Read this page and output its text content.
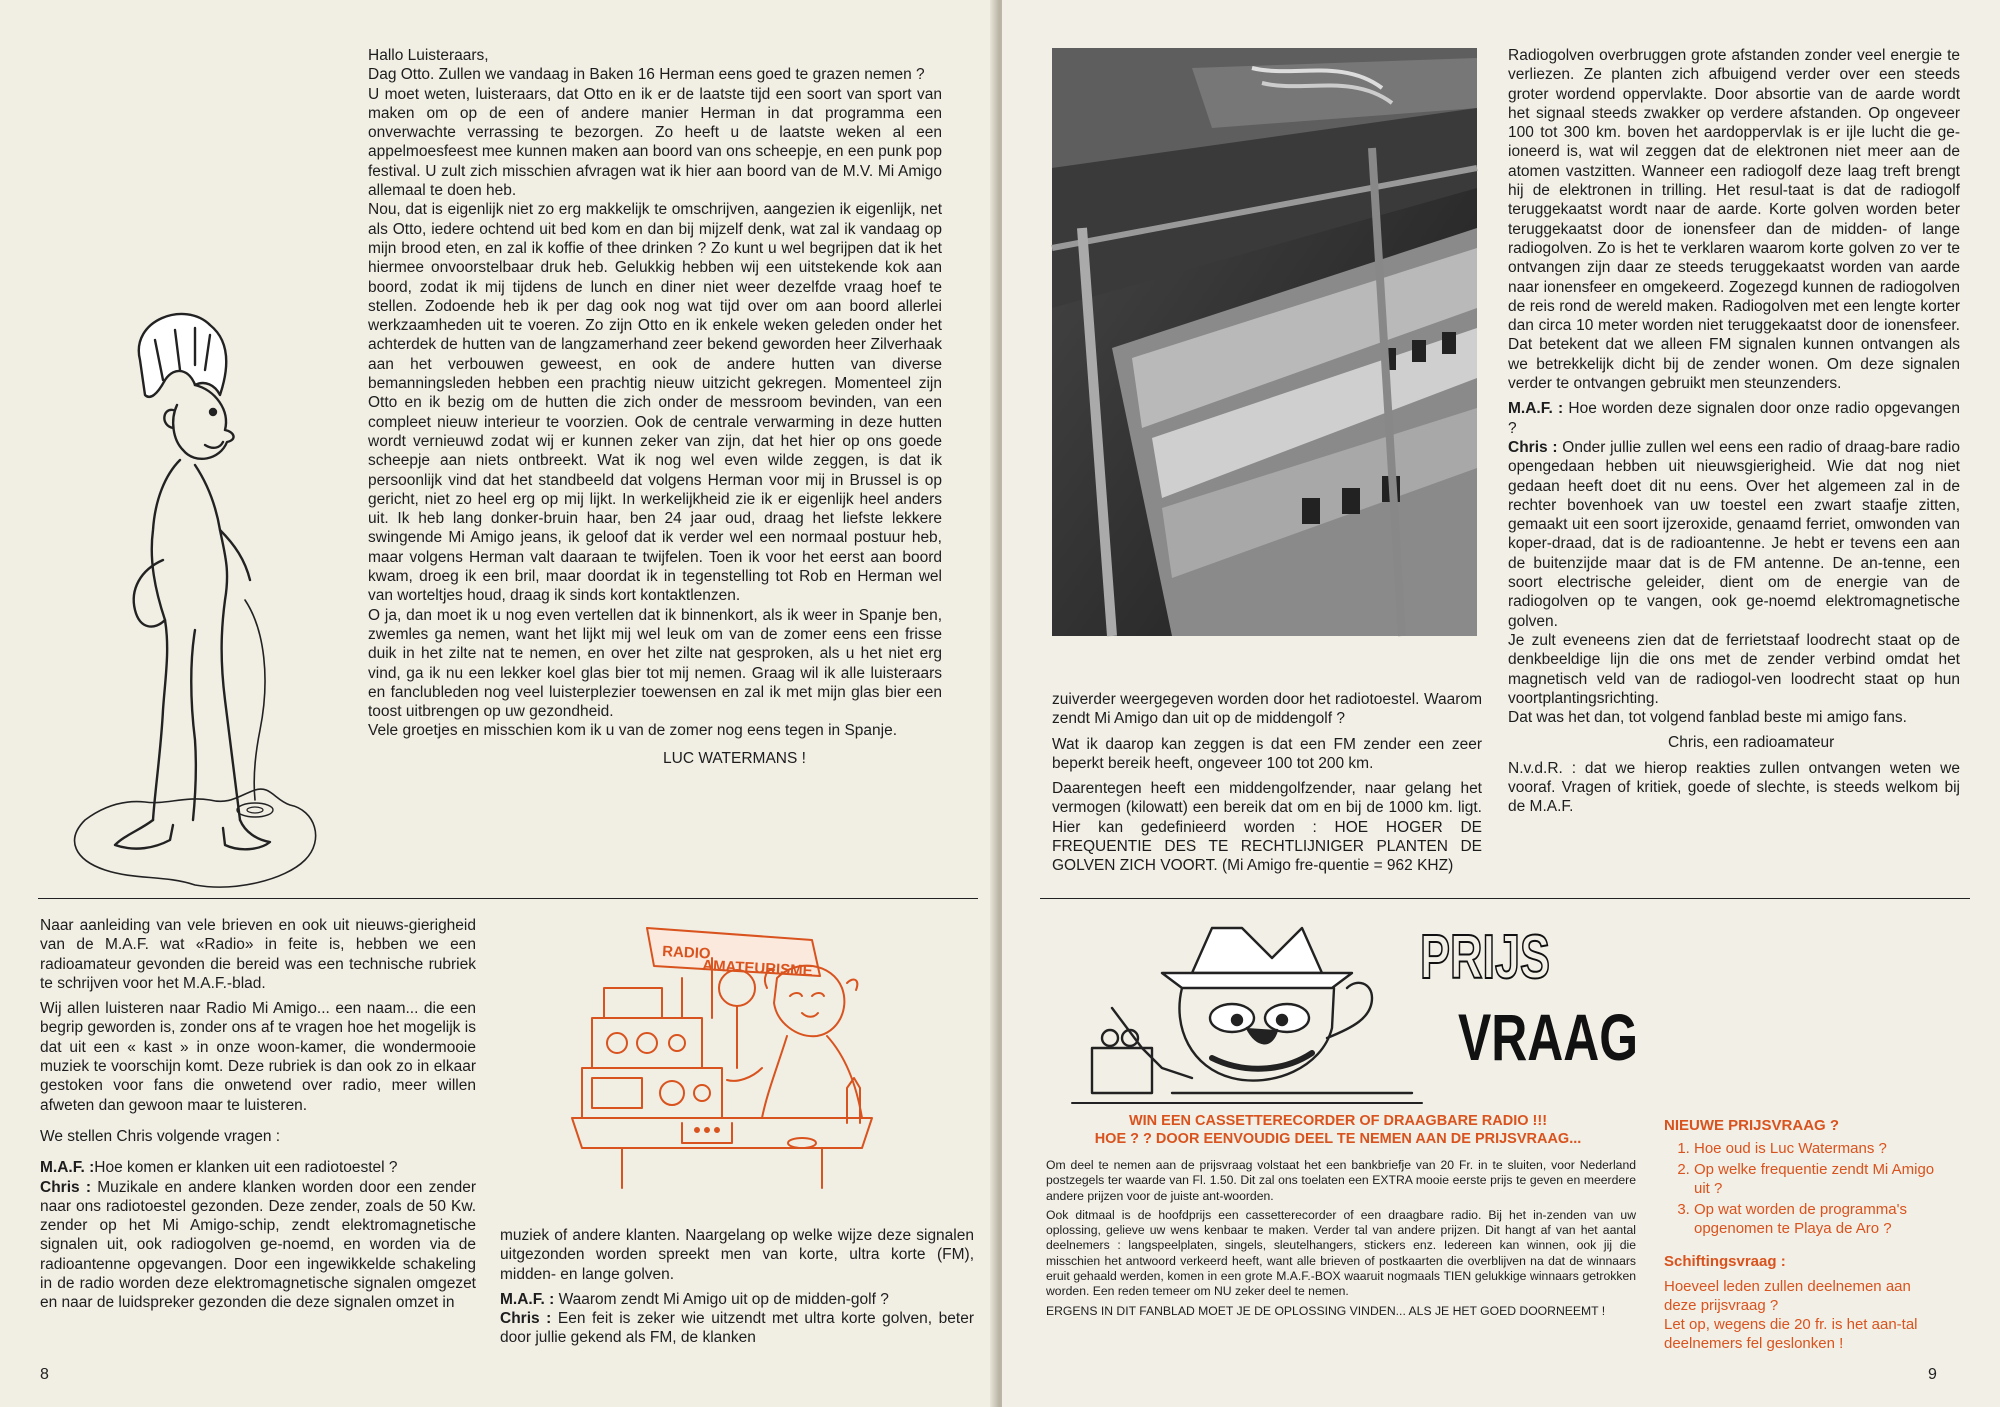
Hallo Luisteraars,

Dag Otto. Zullen we vandaag in Baken 16 Herman eens goed te grazen nemen ?

U moet weten, luisteraars, dat Otto en ik er de laatste tijd een soort van sport van maken om op de een of andere manier Herman in dat programma een onverwachte verrassing te bezorgen. Zo heeft u de laatste weken al een appelmoesfeest mee kunnen maken aan boord van ons scheepje, en een punk pop festival. U zult zich misschien afvragen wat ik hier aan boord van de M.V. Mi Amigo allemaal te doen heb.

Nou, dat is eigenlijk niet zo erg makkelijk te omschrijven, aangezien ik eigenlijk, net als Otto, iedere ochtend uit bed kom en dan bij mijzelf denk, wat zal ik vandaag op mijn brood eten, en zal ik koffie of thee drinken ? Zo kunt u wel begrijpen dat ik het hiermee onvoorstelbaar druk heb. Gelukkig hebben wij een uitstekende kok aan boord, zodat ik mij tijdens de lunch en diner niet weer dezelfde vraag hoef te stellen. Zodoende heb ik per dag ook nog wat tijd over om aan boord allerlei werkzaamheden uit te voeren. Zo zijn Otto en ik enkele weken geleden onder het achterdek de hutten van de langzamerhand zeer bekend geworden heer Zilverhaak aan het verbouwen geweest, en ook de andere hutten van diverse bemanningsleden hebben een prachtig nieuw uitzicht gekregen. Momenteel zijn Otto en ik bezig om de hutten die zich onder de messroom bevinden, van een compleet nieuw interieur te voorzien. Ook de centrale verwarming in deze hutten wordt vernieuwd zodat wij er kunnen zeker van zijn, dat het hier op ons goede scheepje aan niets ontbreekt. Wat ik nog wel even wilde zeggen, is dat ik persoonlijk vind dat het standbeeld dat volgens Herman voor mij in Brussel is op gericht, niet zo heel erg op mij lijkt. In werkelijkheid zie ik er eigenlijk heel anders uit. Ik heb lang donker-bruin haar, ben 24 jaar oud, draag het liefste lekkere swingende Mi Amigo jeans, ik geloof dat ik verder wel een normaal postuur heb, maar volgens Herman valt daaraan te twijfelen. Toen ik voor het eerst aan boord kwam, droeg ik een bril, maar doordat ik in tegenstelling tot Rob en Herman wel van worteltjes houd, draag ik sinds kort kontaktlenzen.

O ja, dan moet ik u nog even vertellen dat ik binnenkort, als ik weer in Spanje ben, zwemles ga nemen, want het lijkt mij wel leuk om van de zomer eens een frisse duik in het zilte nat te nemen, en over het zilte nat gesproken, als u het niet erg vind, ga ik nu een lekker koel glas bier tot mij nemen. Graag wil ik alle luisteraars en fanclubleden nog veel luisterplezier toewensen en zal ik met mijn glas bier een toost uitbrengen op uw gezondheid.

Vele groetjes en misschien kom ik u van de zomer nog eens tegen in Spanje.

LUC WATERMANS !

Naar aanleiding van vele brieven en ook uit nieuws-gierigheid van de M.A.F. wat «Radio» in feite is, hebben we een radioamateur gevonden die bereid was een technische rubriek te schrijven voor het M.A.F.-blad.

Wij allen luisteren naar Radio Mi Amigo... een naam... die een begrip geworden is, zonder ons af te vragen hoe het mogelijk is dat uit een « kast » in onze woon-kamer, die wondermooie muziek te voorschijn komt. Deze rubriek is dan ook zo in elkaar gestoken voor fans die onwetend over radio, meer willen afweten dan gewoon maar te luisteren.

We stellen Chris volgende vragen :

M.A.F. :Hoe komen er klanken uit een radiotoestel ?

Chris : Muzikale en andere klanken worden door een zender naar ons radiotoestel gezonden. Deze zender, zoals de 50 Kw. zender op het Mi Amigo-schip, zendt elektromagnetische signalen uit, ook radiogolven ge-noemd, en worden via de radioantenne opgevangen. Door een ingewikkelde schakeling in de radio worden deze elektromagnetische signalen omgezet en naar de luidspreker gezonden die deze signalen omzet in

RADIO
AMATEURISME

muziek of andere klanten. Naargelang op welke wijze deze signalen uitgezonden worden spreekt men van korte, ultra korte (FM), midden- en lange golven.

M.A.F. : Waarom zendt Mi Amigo uit op de midden-golf ?

Chris : Een feit is zeker wie uitzendt met ultra korte golven, beter door jullie gekend als FM, de klanken

8

zuiverder weergegeven worden door het radiotoestel. Waarom zendt Mi Amigo dan uit op de middengolf ?

Wat ik daarop kan zeggen is dat een FM zender een zeer beperkt bereik heeft, ongeveer 100 tot 200 km.

Daarentegen heeft een middengolfzender, naar gelang het vermogen (kilowatt) een bereik dat om en bij de 1000 km. ligt. Hier kan gedefinieerd worden : HOE HOGER DE FREQUENTIE DES TE RECHTLIJNIGER PLANTEN DE GOLVEN ZICH VOORT. (Mi Amigo fre-quentie = 962 KHZ)

Radiogolven overbruggen grote afstanden zonder veel energie te verliezen. Ze planten zich afbuigend verder over een steeds groter wordend oppervlakte. Door absortie van de aarde wordt het signaal steeds zwakker op verdere afstanden. Op ongeveer 100 tot 300 km. boven het aardoppervlak is er ijle lucht die ge-ioneerd is, wat wil zeggen dat de elektronen niet meer aan de atomen vastzitten. Wanneer een radiogolf deze laag treft brengt hij de elektronen in trilling. Het resul-taat is dat de radiogolf teruggekaatst wordt naar de aarde. Korte golven worden beter teruggekaatst door de ionensfeer dan de midden- of lange radiogolven. Zo is het te verklaren waarom korte golven zo ver te ontvangen zijn daar ze steeds teruggekaatst worden van aarde naar ionensfeer en omgekeerd. Zogezegd kunnen de radiogolven de reis rond de wereld maken. Radiogolven met een lengte korter dan circa 10 meter worden niet teruggekaatst door de ionensfeer. Dat betekent dat we alleen FM signalen kunnen ontvangen als we betrekkelijk dicht bij de zender wonen. Om deze signalen verder te ontvangen gebruikt men steunzenders.

M.A.F. : Hoe worden deze signalen door onze radio opgevangen ?

Chris : Onder jullie zullen wel eens een radio of draag-bare radio opengedaan hebben uit nieuwsgierigheid. Wie dat nog niet gedaan heeft doet dit nu eens. Over het algemeen zal in de rechter bovenhoek van uw toestel een zwart staafje zitten, gemaakt uit een soort ijzeroxide, genaamd ferriet, omwonden van koper-draad, dat is de radioantenne. Je hebt er tevens een aan de buitenzijde maar dat is de FM antenne. De an-tenne, een soort electrische geleider, dient om de energie van de radiogolven op te vangen, ook ge-noemd elektromagnetische golven.

Je zult eveneens zien dat de ferrietstaaf loodrecht staat op de denkbeeldige lijn die ons met de zender verbind omdat het magnetisch veld van de radiogol-ven loodrecht staat op hun voortplantingsrichting.

Dat was het dan, tot volgend fanblad beste mi amigo fans.

Chris, een radioamateur

N.v.d.R. : dat we hierop reakties zullen ontvangen weten we vooraf. Vragen of kritiek, goede of slechte, is steeds welkom bij de M.A.F.

PRIJS
VRAAG
WIN EEN CASSETTERECORDER OF DRAAGBARE RADIO !!!
HOE ? ? DOOR EENVOUDIG DEEL TE NEMEN AAN DE PRIJSVRAAG...

Om deel te nemen aan de prijsvraag volstaat het een bankbriefje van 20 Fr. in te sluiten, voor Nederland postzegels ter waarde van Fl. 1.50. Dit zal ons toelaten een EXTRA mooie eerste prijs te geven en meerdere andere prijzen voor de juiste ant-woorden.

Ook ditmaal is de hoofdprijs een cassetterecorder of een draagbare radio. Bij het in-zenden van uw oplossing, gelieve uw wens kenbaar te maken. Verder tal van andere prijzen. Dit hangt af van het aantal deelnemers : langspeelplaten, singels, sleutelhangers, stickers enz. Iedereen kan winnen, ook jij die misschien het antwoord verkeerd heeft, want alle brieven of postkaarten die overblijven na dat de winnaars eruit gehaald werden, komen in een grote M.A.F.-BOX waaruit nogmaals TIEN gelukkige winnaars getrokken worden. Een reden temeer om NU zeker deel te nemen.

ERGENS IN DIT FANBLAD MOET JE DE OPLOSSING VINDEN... ALS JE HET GOED DOORNEEMT !

NIEUWE PRIJSVRAAG ?
1. Hoe oud is Luc Watermans ?
2. Op welke frequentie zendt Mi Amigo uit ?
3. Op wat worden de programma's opgenomen te Playa de Aro ?
Schiftingsvraag :
Hoeveel leden zullen deelnemen aan deze prijsvraag ?
Let op, wegens die 20 fr. is het aan-tal deelnemers fel geslonken !
9
